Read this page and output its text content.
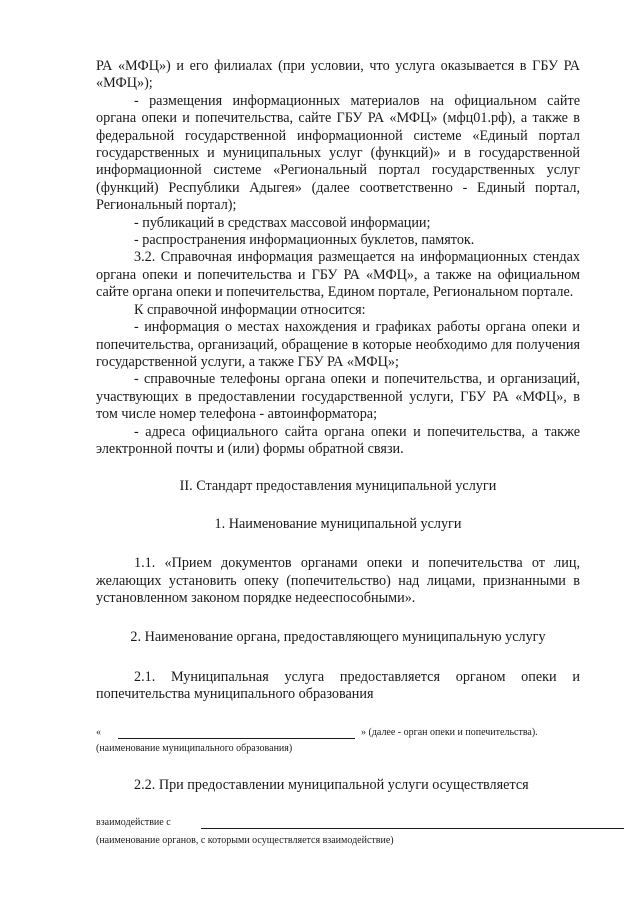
РА «МФЦ») и его филиалах (при условии, что услуга оказывается в ГБУ РА «МФЦ»);

- размещения информационных материалов на официальном сайте органа опеки и попечительства, сайте ГБУ РА «МФЦ» (мфц01.рф), а также в федеральной государственной информационной системе «Единый портал государственных и муниципальных услуг (функций)» и в государственной информационной системе «Региональный портал государственных услуг (функций) Республики Адыгея» (далее соответственно - Единый портал, Региональный портал);

- публикаций в средствах массовой информации;

- распространения информационных буклетов, памяток.

3.2. Справочная информация размещается на информационных стендах органа опеки и попечительства и ГБУ РА «МФЦ», а также на официальном сайте органа опеки и попечительства, Едином портале, Региональном портале.

К справочной информации относится:

- информация о местах нахождения и графиках работы органа опеки и попечительства, организаций, обращение в которые необходимо для получения государственной услуги, а также ГБУ РА «МФЦ»;

- справочные телефоны органа опеки и попечительства, и организаций, участвующих в предоставлении государственной услуги, ГБУ РА «МФЦ», в том числе номер телефона - автоинформатора;

- адреса официального сайта органа опеки и попечительства, а также электронной почты и (или) формы обратной связи.

II. Стандарт предоставления муниципальной услуги

1. Наименование муниципальной услуги

1.1. «Прием документов органами опеки и попечительства от лиц, желающих установить опеку (попечительство) над лицами, признанными в установленном законом порядке недееспособными».

2. Наименование органа, предоставляющего муниципальную услугу

2.1. Муниципальная услуга предоставляется органом опеки и попечительства муниципального образования

«	» (далее - орган опеки и попечительства).

(наименование муниципального образования)

2.2. При предоставлении муниципальной услуги осуществляется

взаимодействие с

(наименование органов, с которыми осуществляется взаимодействие)
